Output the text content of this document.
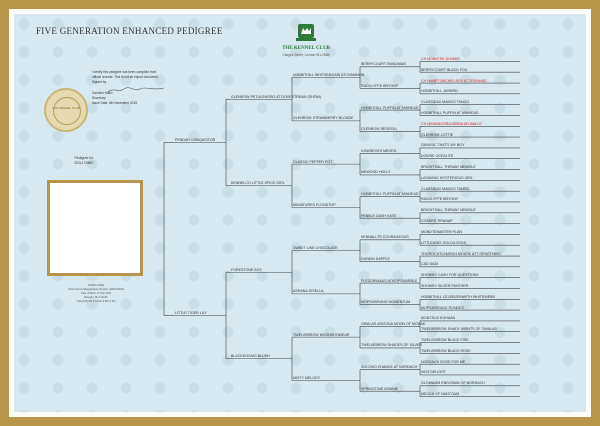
FIVE GENERATION ENHANCED PEDIGREE
THE KENNEL CLUB
Clarges Street, London W1J 8AB
THE KENNEL CLUB
I certify this pedigree has been compiled from
official records. This is not an export document.
Signed by
Caroline Kisko
Secretary
Issue Date: 6th November 2015
Pedigree for
DOL170887
ANNIE GORE
Cross Kennel Registration Number: AD01230011
Date of Birth: 17 Feb 2011
Breeder: Mr A Smith
Owned By Mr A Smith & Mrs T Bri
PENDAR CONQUISTOR
LITTLE TIGER LILY
GLENROW PETULENGRO AT DOVESTREAM (SHOW)
KENNELCO LITTLE SPICE GIRL
FORESTONE BOY
BLACKDOGMG BLUSH
HOBBITHILL WHITSEDGAIN ATCHAMMON
GLENROW STRAWBERRY BLONDE
CLASSIC PEPPER POT
MINIATURES FLOODTOP
SWEET LIKE CHOCOLATE
ASHANA GISELLA
TWELVEBROW MOONSHOWEAR
MISTY MELODY
BERRYCOURT SWAGMAN
RADCLYFFE BRYONY
HOBBITHILL PUFFIN AT MINHEAD
GLENROW REDROLL
DOWSECKS MEORD
MEWOOD HOLLY
HOBBITHILL PUFFIN AT MINHEAD
PEBBLE DASH KATE
KENNALLTS COURAGEOUS
DUNKIN DAPPLE
FLEDDRIMAUS ATMOPSMARBLE
MOPSMSRUNG MOMENTUM
OWALAS ARIZONA MOON OF MOHAK
TWELVEBROW SHADES OF SILVER
SOCOKO CHANCE AT NORDACH
SPRINGTIME BONNIE
CH MOBIOTIK DUNNIO
BERRYCOURT BLACK FOX
CH HAMPTONCHEL BOY AT TERNUND
HOBBITHILL JAYBIRD
CLASSIDAX MANGO TANGO
HOBBITHILL PUFFIN AT MINHEAD
CH MARANOORA MINNA AN WALLE
GLENROW LOTTIE
GAYASIC THAT'S MY BOY
DOWSE OCEALITE
BRIGHTSALL THEWAY MEMOLE
LASWANG MYSTERIOUS GIRL
CLASSIDAX MANGO TANGO
RADCLYFFE BRYONY
BRIGHTSALL THEWAY MEMOLE
COSERS TIRANAP
MONDTEMASTER PLAN
LITTLEMISS GOLDILOCKS
THOROCHTCHURCH MOUSE ATT OFNOTHING
CAD DADI
SHOWBY CASH FOR QUESTIONS
SHOWBY SILVER PANTHER
HOBBITHILL CELEBORNWITH WHITEWEBB
MOPSMSRUNG RONDES
MONTEUX KOHAAN
TWELVEBROW SHADY NIGHTS OF OWALAS
TWELVEBROW BLACK FIRE
TWELVEBROW BLACK ROSE
NORDACH ROSE FOR ME
KIDS DELIGHT
GLOWAMM ENDOSAW OF NORDACH
MEGAN OF NANTOAM
